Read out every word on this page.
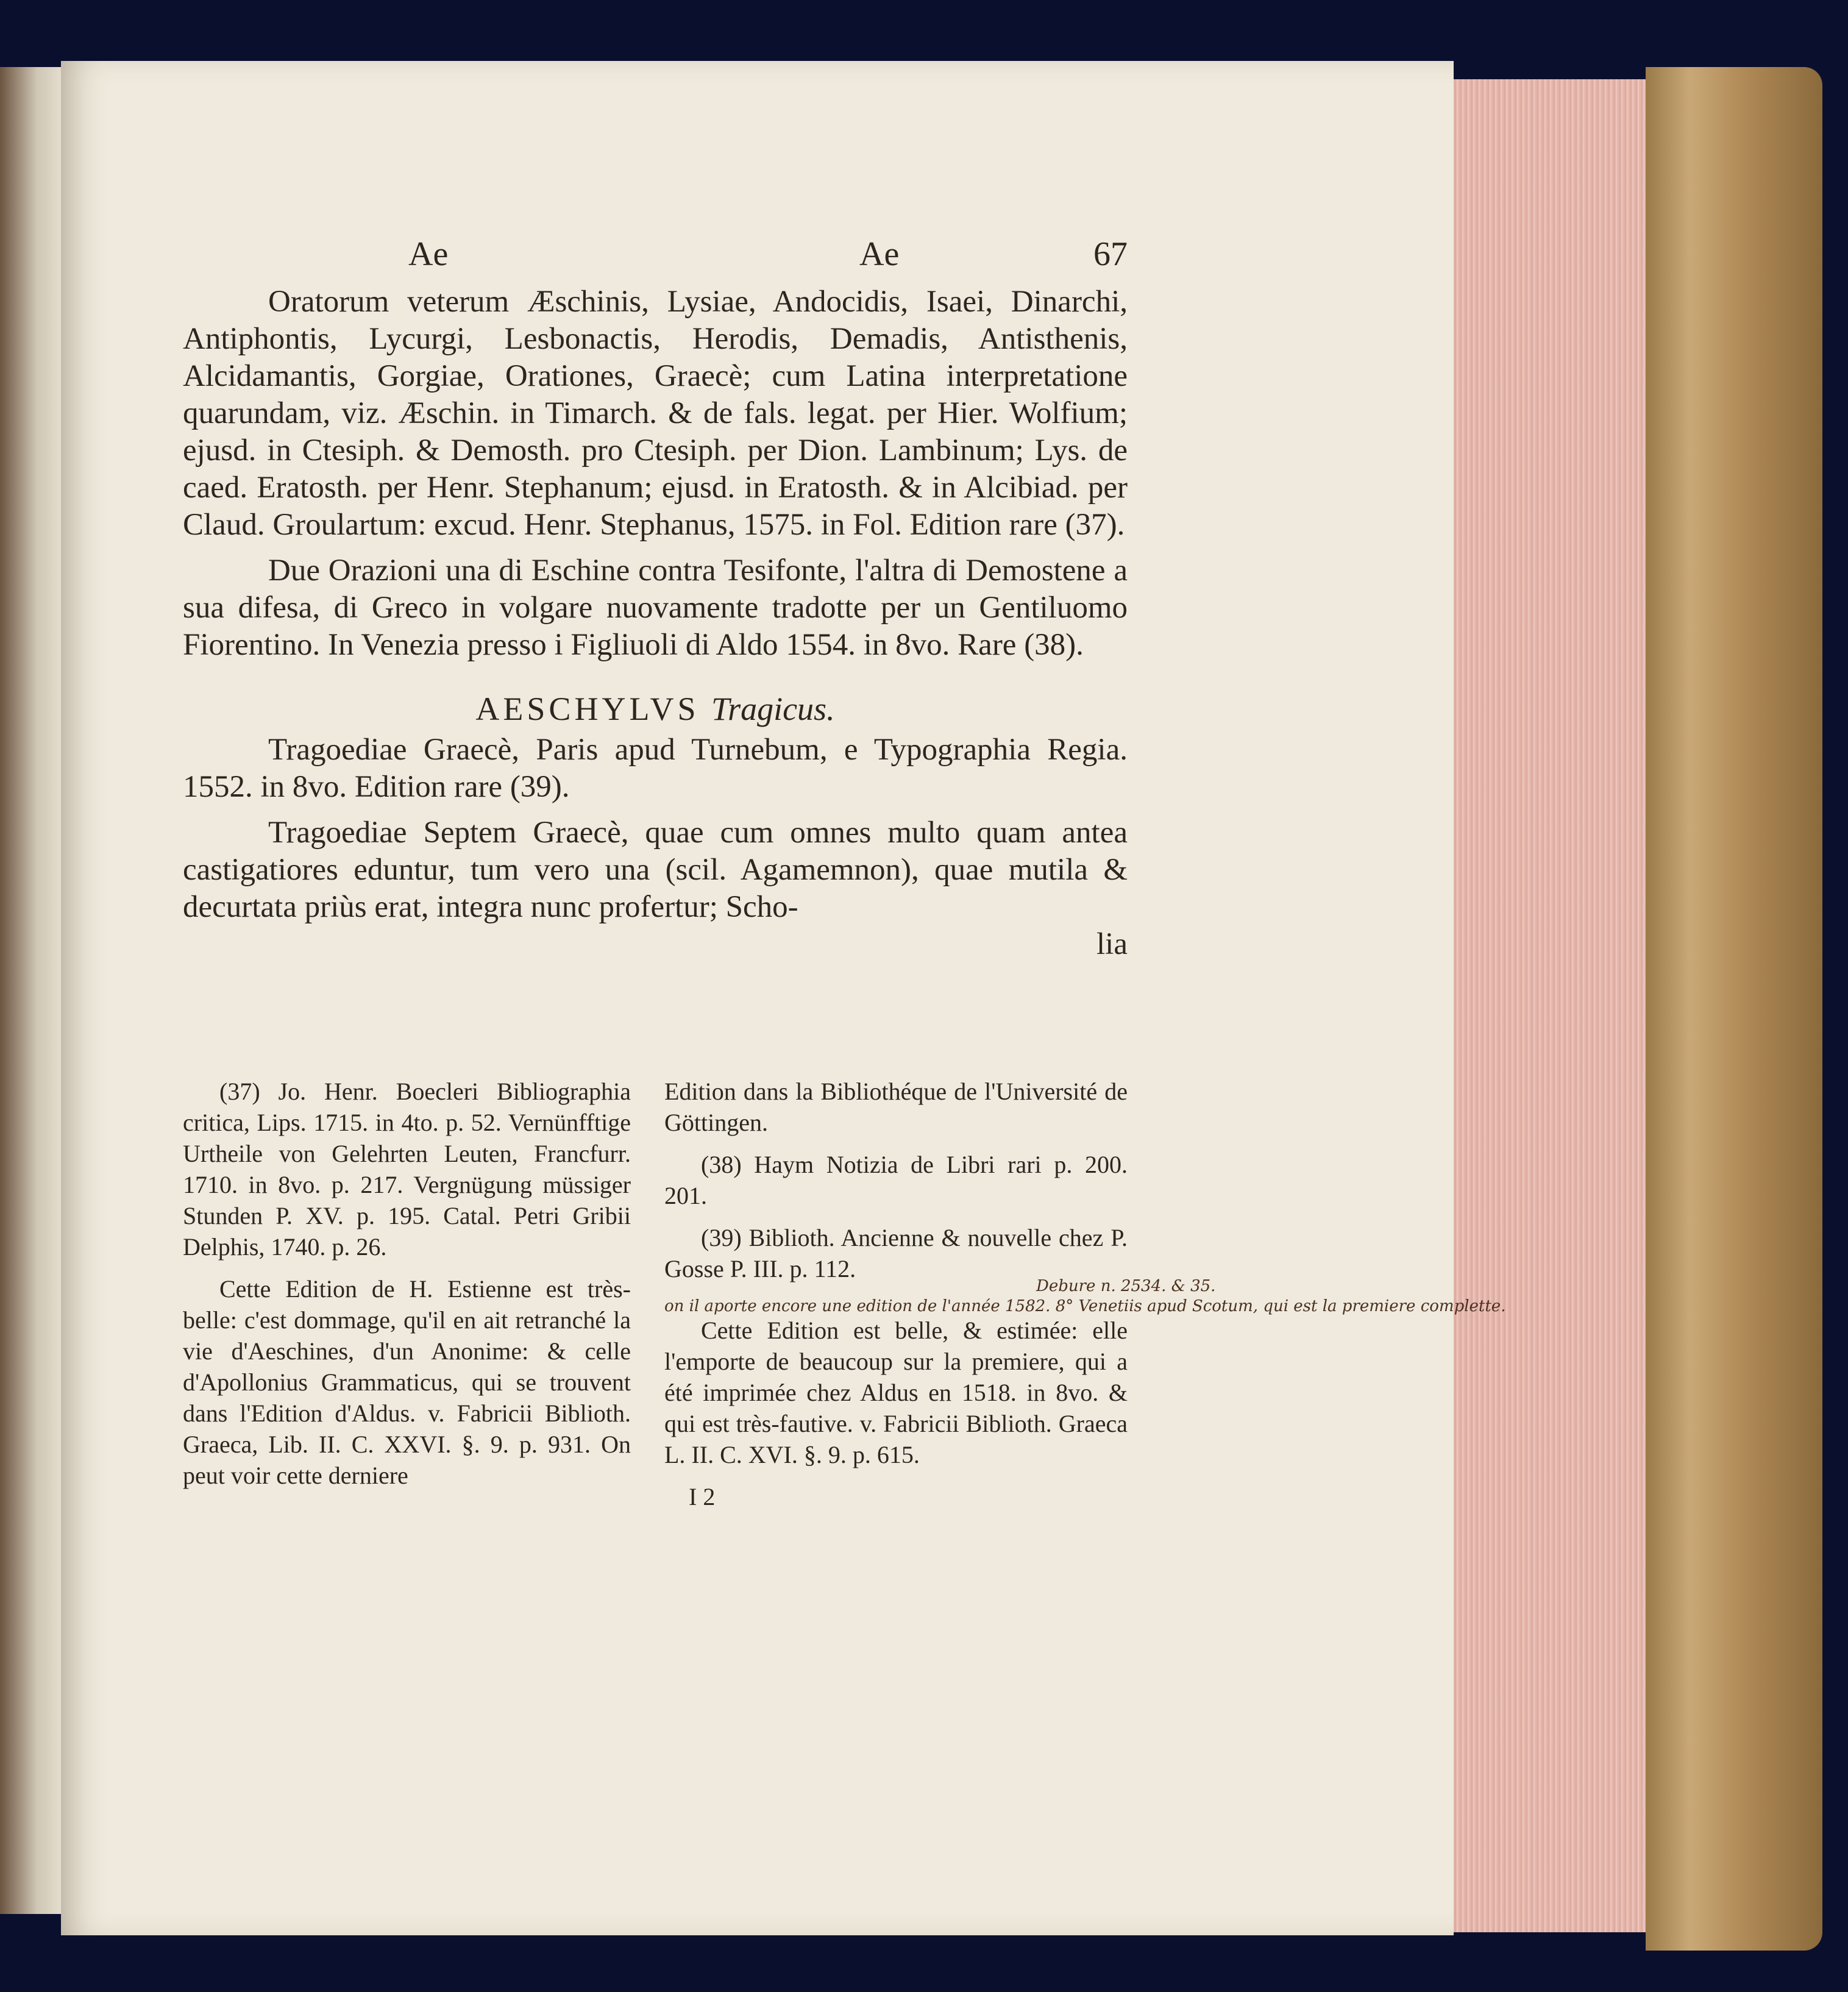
Ae	Ae	67

Oratorum veterum Æschinis, Lysiae, Andocidis, Isaei, Dinarchi, Antiphontis, Lycurgi, Lesbonactis, Herodis, Demadis, Antisthenis, Alcidamantis, Gorgiae, Orationes, Graecè; cum Latina interpretatione quarundam, viz. Æschin. in Timarch. & de fals. legat. per Hier. Wolfium; ejusd. in Ctesiph. & Demosth. pro Ctesiph. per Dion. Lambinum; Lys. de caed. Eratosth. per Henr. Stephanum; ejusd. in Eratosth. & in Alcibiad. per Claud. Groulartum: excud. Henr. Stephanus, 1575. in Fol. Edition rare (37).

Due Orazioni una di Eschine contra Tesifonte, l'altra di Demostene a sua difesa, di Greco in volgare nuovamente tradotte per un Gentiluomo Fiorentino. In Venezia presso i Figliuoli di Aldo 1554. in 8vo. Rare (38).

AESCHYLVS Tragicus.

Tragoediae Graecè, Paris apud Turnebum, e Typographia Regia. 1552. in 8vo. Edition rare (39).

Tragoediae Septem Graecè, quae cum omnes multo quam antea castigatiores eduntur, tum vero una (scil. Agamemnon), quae mutila & decurtata priùs erat, integra nunc profertur; Scho-

lia

(37) Jo. Henr. Boecleri Bibliographia critica, Lips. 1715. in 4to. p. 52. Vernünfftige Urtheile von Gelehrten Leuten, Francfurr. 1710. in 8vo. p. 217. Vergnügung müssiger Stunden P. XV. p. 195. Catal. Petri Gribii Delphis, 1740. p. 26.

Cette Edition de H. Estienne est très-belle: c'est dommage, qu'il en ait retranché la vie d'Aeschines, d'un Anonime: & celle d'Apollonius Grammaticus, qui se trouvent dans l'Edition d'Aldus. v. Fabricii Biblioth. Graeca, Lib. II. C. XXVI. §. 9. p. 931. On peut voir cette derniere

Edition dans la Bibliothéque de l'Université de Göttingen.

(38) Haym Notizia de Libri rari p. 200. 201.

(39) Biblioth. Ancienne & nouvelle chez P. Gosse P. III. p. 112.

Cette Edition est belle, & estimée: elle l'emporte de beaucoup sur la premiere, qui a été imprimée chez Aldus en 1518. in 8vo. & qui est très-fautive. v. Fabricii Biblioth. Graeca L. II. C. XVI. §. 9. p. 615.

I 2
Debure n. 2534. & 35.
on il aporte encore une edition de l'année 1582. 8° Venetiis apud Scotum, qui est la premiere complette.
